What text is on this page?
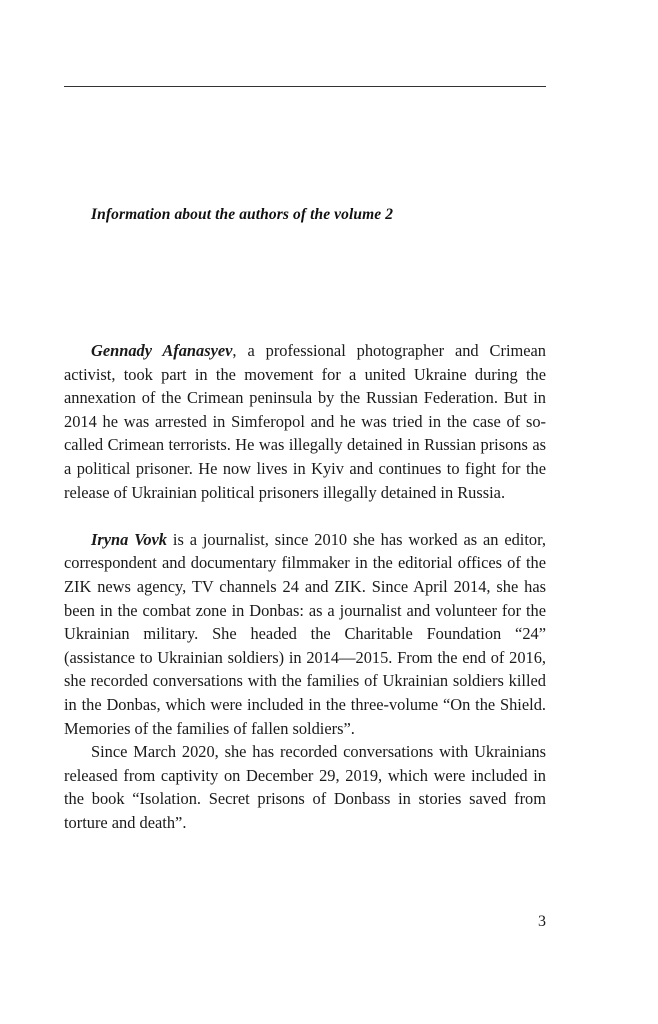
Information about the authors of the volume 2

Gennady Afanasyev, a professional photographer and Crimean activist, took part in the movement for a united Ukraine during the annexation of the Crimean peninsula by the Russian Federation. But in 2014 he was arrested in Simferopol and he was tried in the case of so-called Crimean terrorists. He was illegally detained in Russian prisons as a political prisoner. He now lives in Kyiv and continues to fight for the release of Ukrainian political prisoners illegally detained in Russia.

Iryna Vovk is a journalist, since 2010 she has worked as an editor, correspondent and documentary filmmaker in the editorial offices of the ZIK news agency, TV channels 24 and ZIK. Since April 2014, she has been in the combat zone in Donbas: as a journalist and volunteer for the Ukrainian military. She headed the Charitable Foundation “24” (assistance to Ukrainian soldiers) in 2014—2015. From the end of 2016, she recorded conversations with the families of Ukrainian soldiers killed in the Donbas, which were included in the three-volume “On the Shield. Memories of the families of fallen soldiers”.

Since March 2020, she has recorded conversations with Ukrainians released from captivity on December 29, 2019, which were included in the book “Isolation. Secret prisons of Donbass in stories saved from torture and death”.

3
